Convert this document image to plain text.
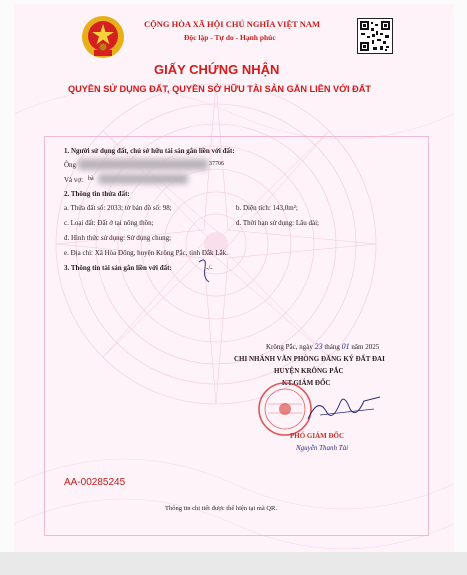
CỘNG HÒA XÃ HỘI CHỦ NGHĨA VIỆT NAM

Độc lập - Tự do - Hạnh phúc

GIẤY CHỨNG NHẬN

QUYỀN SỬ DỤNG ĐẤT, QUYỀN SỞ HỮU TÀI SẢN GẮN LIỀN VỚI ĐẤT

1. Người sử dụng đất, chủ sở hữu tài sản gắn liền với đất:

Ông	37706

Và vợ: bà

2. Thông tin thửa đất:

a. Thửa đất số: 2033; tờ bản đồ số: 98;	b. Diện tích: 143,0m²;

c. Loại đất: Đất ở tại nông thôn;	d. Thời hạn sử dụng: Lâu dài;

đ. Hình thức sử dụng: Sử dụng chung;

e. Địa chỉ: Xã Hòa Đông, huyện Krông Pắc, tỉnh Đắk Lắk.

3. Thông tin tài sản gắn liền với đất:	-/-

Krông Pắc, ngày 23 tháng 01 năm 2025

CHI NHÁNH VĂN PHÒNG ĐĂNG KÝ ĐẤT ĐAI

HUYỆN KRÔNG PẮC

KT.GIÁM ĐỐC

PHÓ GIÁM ĐỐC

Nguyễn Thanh Tài

AA-00285245

Thông tin chi tiết được thể hiện tại mã QR.
